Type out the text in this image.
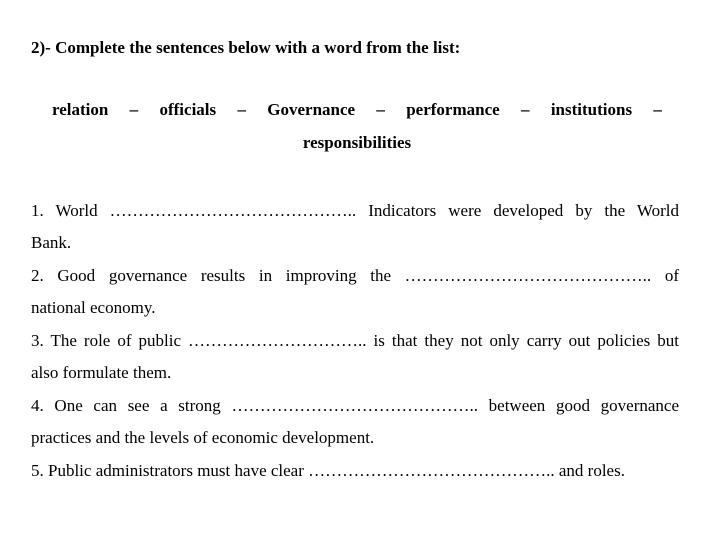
2)- Complete the sentences below with a word from the list:
relation – officials – Governance – performance – institutions –
responsibilities
1. World …………………………………….. Indicators were developed by the World
Bank.
2. Good governance results in improving the …………………………………….. of
national economy.
3. The role of public ………………………….. is that they not only carry out policies but
also formulate them.
4. One can see a strong …………………………………….. between good governance
practices and the levels of economic development.
5. Public administrators must have clear …………………………………….. and roles.
